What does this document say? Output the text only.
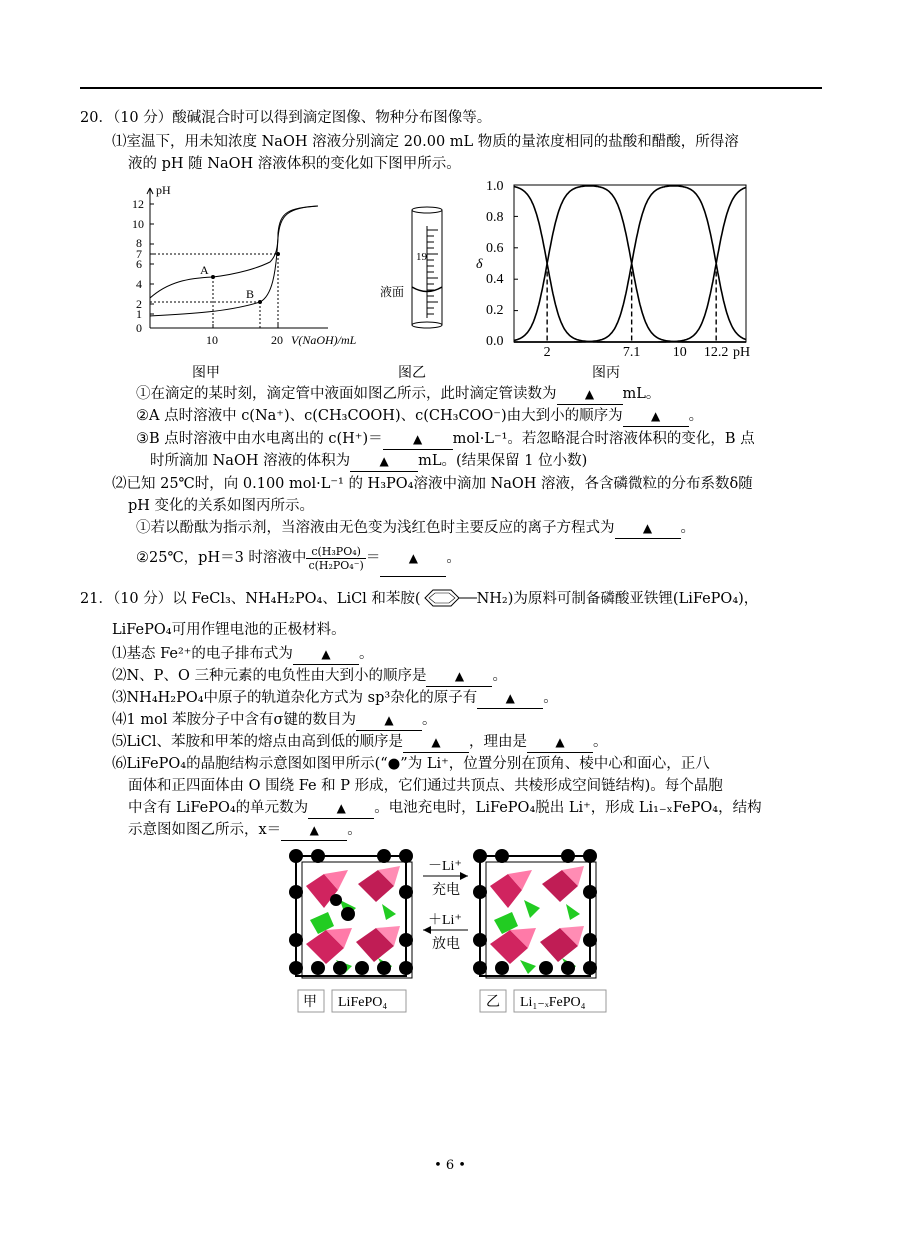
20．（10 分）酸碱混合时可以得到滴定图像、物种分布图像等。
⑴室温下，用未知浓度 NaOH 溶液分别滴定 20.00 mL 物质的量浓度相同的盐酸和醋酸，所得溶
液的 pH 随 NaOH 溶液体积的变化如下图甲所示。
pH
12
10
8
7
6
4
2
1
0
10	20 V(NaOH)/mL
A
B
19
液面
2	7.1 10 12.2
1.0
0.8
0.6
0.4
0.2
0.0
δ
pH
图甲	图乙	图丙
①在滴定的某时刻，滴定管中液面如图乙所示，此时滴定管读数为 ▲ mL。
②A 点时溶液中 c(Na⁺)、c(CH₃COOH)、c(CH₃COO⁻)由大到小的顺序为 ▲ 。
③B 点时溶液中由水电离出的 c(H⁺)＝	▲ mol·L⁻¹。若忽略混合时溶液体积的变化，B 点
时所滴加 NaOH 溶液的体积为 ▲ mL。(结果保留 1 位小数)
⑵已知 25℃时，向 0.100 mol·L⁻¹ 的 H₃PO₄溶液中滴加 NaOH 溶液，各含磷微粒的分布系数δ随
pH 变化的关系如图丙所示。
①若以酚酞为指示剂，当溶液由无色变为浅红色时主要反应的离子方程式为 ▲ 。
②25℃，pH＝3 时溶液中 $\frac{\text{c(H₃PO₄)}}{\text{c(H₂PO₄⁻)}}$ ＝ ▲ 。
21．（10 分）以 FeCl₃、NH₄H₂PO₄、LiCl 和苯胺(	NH₂)为原料可制备磷酸亚铁锂(LiFePO₄)，
LiFePO₄可用作锂电池的正极材料。
⑴基态 Fe²⁺的电子排布式为 ▲ 。
⑵N、P、O 三种元素的电负性由大到小的顺序是 ▲ 。
⑶NH₄H₂PO₄中原子的轨道杂化方式为 sp³杂化的原子有 ▲ 。
⑷1 mol 苯胺分子中含有σ键的数目为 ▲ 。
⑸LiCl、苯胺和甲苯的熔点由高到低的顺序是 ▲ ，理由是 ▲ 。
⑹LiFePO₄的晶胞结构示意图如图甲所示(“●”为 Li⁺，位置分别在顶角、棱中心和面心，正八
面体和正四面体由 O 围绕 Fe 和 P 形成，它们通过共顶点、共棱形成空间链结构)。每个晶胞
中含有 LiFePO₄的单元数为 ▲ 。电池充电时，LiFePO₄脱出 Li⁺，形成 Li₁₋ₓFePO₄，结构
示意图如图乙所示，x＝ ▲ 。
－Li⁺
充电
＋Li⁺
放电
甲 LiFePO₄	乙 Li₁₋ₓFePO₄
• 6 •
